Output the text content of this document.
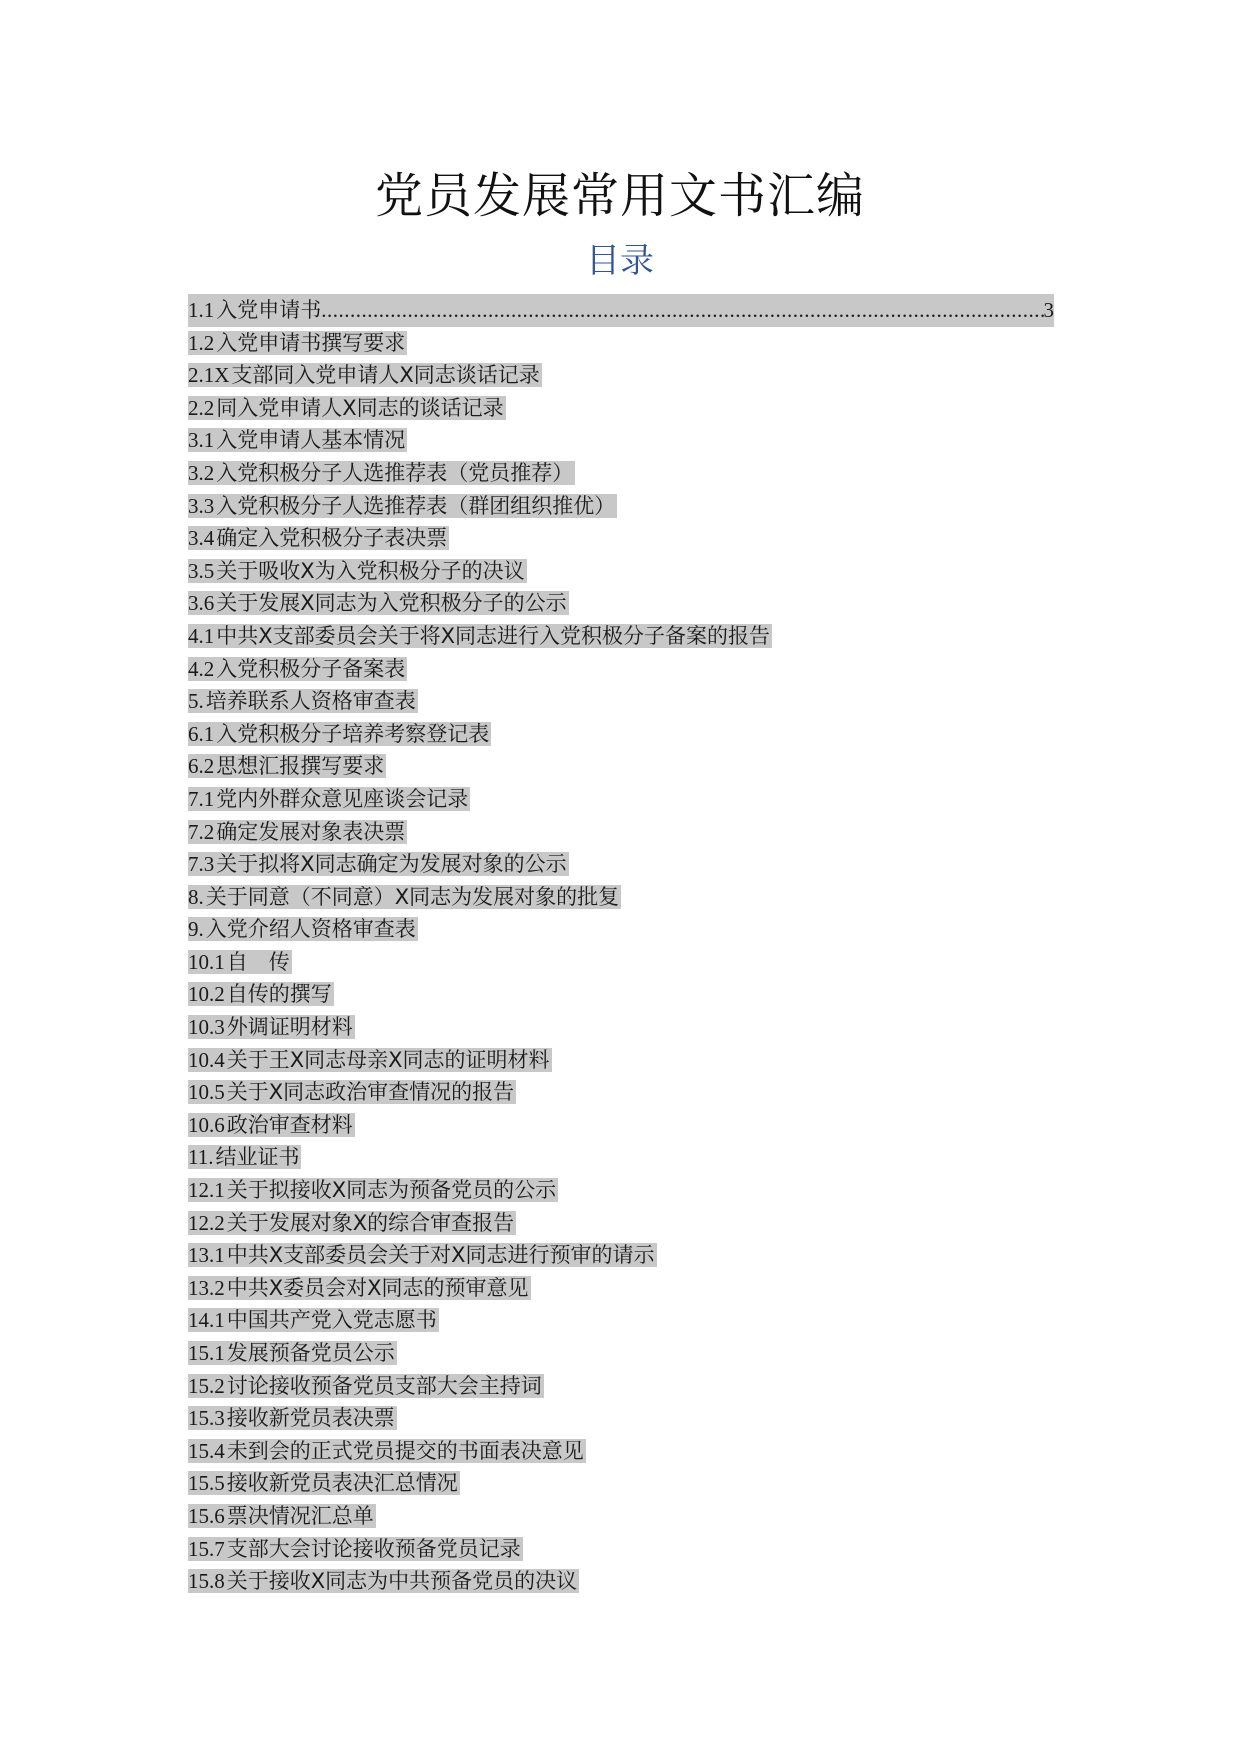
党员发展常用文书汇编
目录
1.1 入党申请书
.....	3
1.2 入党申请书撰写要求
2.1X 支部同入党申请人X同志谈话记录
2.2 同入党申请人X同志的谈话记录
3.1 入党申请人基本情况
3.2 入党积极分子人选推荐表（党员推荐）
3.3 入党积极分子人选推荐表（群团组织推优）
3.4 确定入党积极分子表决票
3.5 关于吸收X为入党积极分子的决议
3.6 关于发展X同志为入党积极分子的公示
4.1 中共X支部委员会关于将X同志进行入党积极分子备案的报告
4.2 入党积极分子备案表
5. 培养联系人资格审查表
6.1 入党积极分子培养考察登记表
6.2 思想汇报撰写要求
7.1 党内外群众意见座谈会记录
7.2 确定发展对象表决票
7.3 关于拟将X同志确定为发展对象的公示
8. 关于同意（不同意）X同志为发展对象的批复
9. 入党介绍人资格审查表
10.1 自　传
10.2 自传的撰写
10.3 外调证明材料
10.4 关于王X同志母亲X同志的证明材料
10.5 关于X同志政治审查情况的报告
10.6 政治审查材料
11. 结业证书
12.1 关于拟接收X同志为预备党员的公示
12.2 关于发展对象X的综合审查报告
13.1 中共X支部委员会关于对X同志进行预审的请示
13.2 中共X委员会对X同志的预审意见
14.1 中国共产党入党志愿书
15.1 发展预备党员公示
15.2 讨论接收预备党员支部大会主持词
15.3 接收新党员表决票
15.4 未到会的正式党员提交的书面表决意见
15.5 接收新党员表决汇总情况
15.6 票决情况汇总单
15.7 支部大会讨论接收预备党员记录
15.8 关于接收X同志为中共预备党员的决议
